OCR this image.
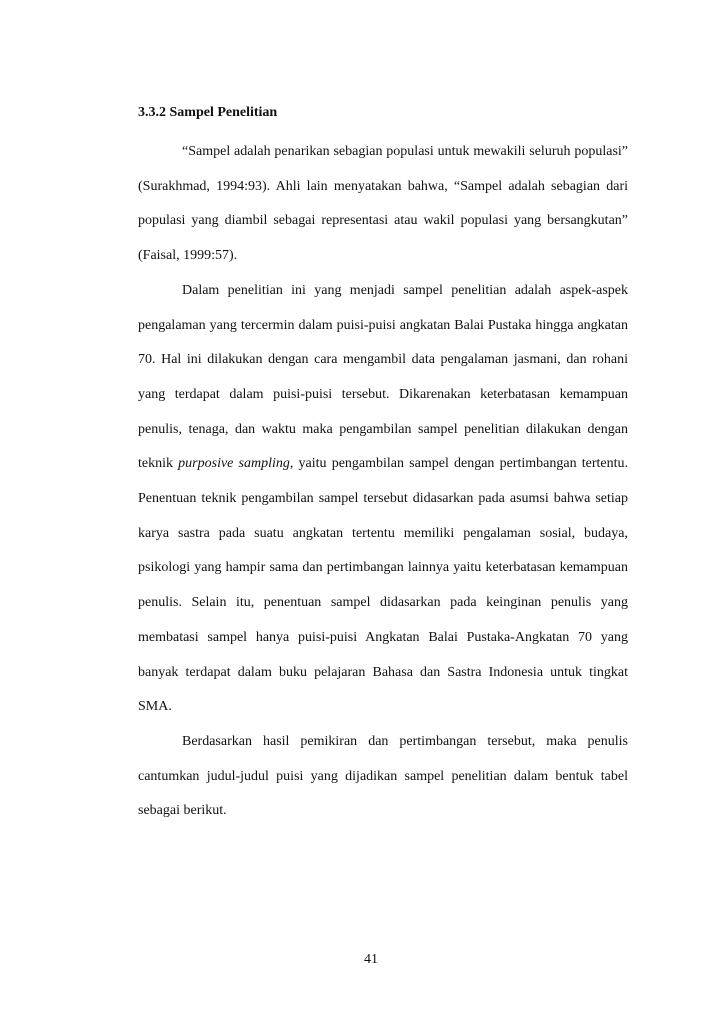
3.3.2 Sampel Penelitian

“Sampel adalah penarikan sebagian populasi untuk mewakili seluruh populasi” (Surakhmad, 1994:93). Ahli lain menyatakan bahwa, “Sampel adalah sebagian dari populasi yang diambil sebagai representasi atau wakil populasi yang bersangkutan” (Faisal, 1999:57).

Dalam penelitian ini yang menjadi sampel penelitian adalah aspek-aspek pengalaman yang tercermin dalam puisi-puisi angkatan Balai Pustaka hingga angkatan 70. Hal ini dilakukan dengan cara mengambil data pengalaman jasmani, dan rohani yang terdapat dalam puisi-puisi tersebut. Dikarenakan keterbatasan kemampuan penulis, tenaga, dan waktu maka pengambilan sampel penelitian dilakukan dengan teknik purposive sampling, yaitu pengambilan sampel dengan pertimbangan tertentu. Penentuan teknik pengambilan sampel tersebut didasarkan pada asumsi bahwa setiap karya sastra pada suatu angkatan tertentu memiliki pengalaman sosial, budaya, psikologi yang hampir sama dan pertimbangan lainnya yaitu keterbatasan kemampuan penulis. Selain itu, penentuan sampel didasarkan pada keinginan penulis yang membatasi sampel hanya puisi-puisi Angkatan Balai Pustaka-Angkatan 70 yang banyak terdapat dalam buku pelajaran Bahasa dan Sastra Indonesia untuk tingkat SMA.

Berdasarkan hasil pemikiran dan pertimbangan tersebut, maka penulis cantumkan judul-judul puisi yang dijadikan sampel penelitian dalam bentuk tabel sebagai berikut.

41
